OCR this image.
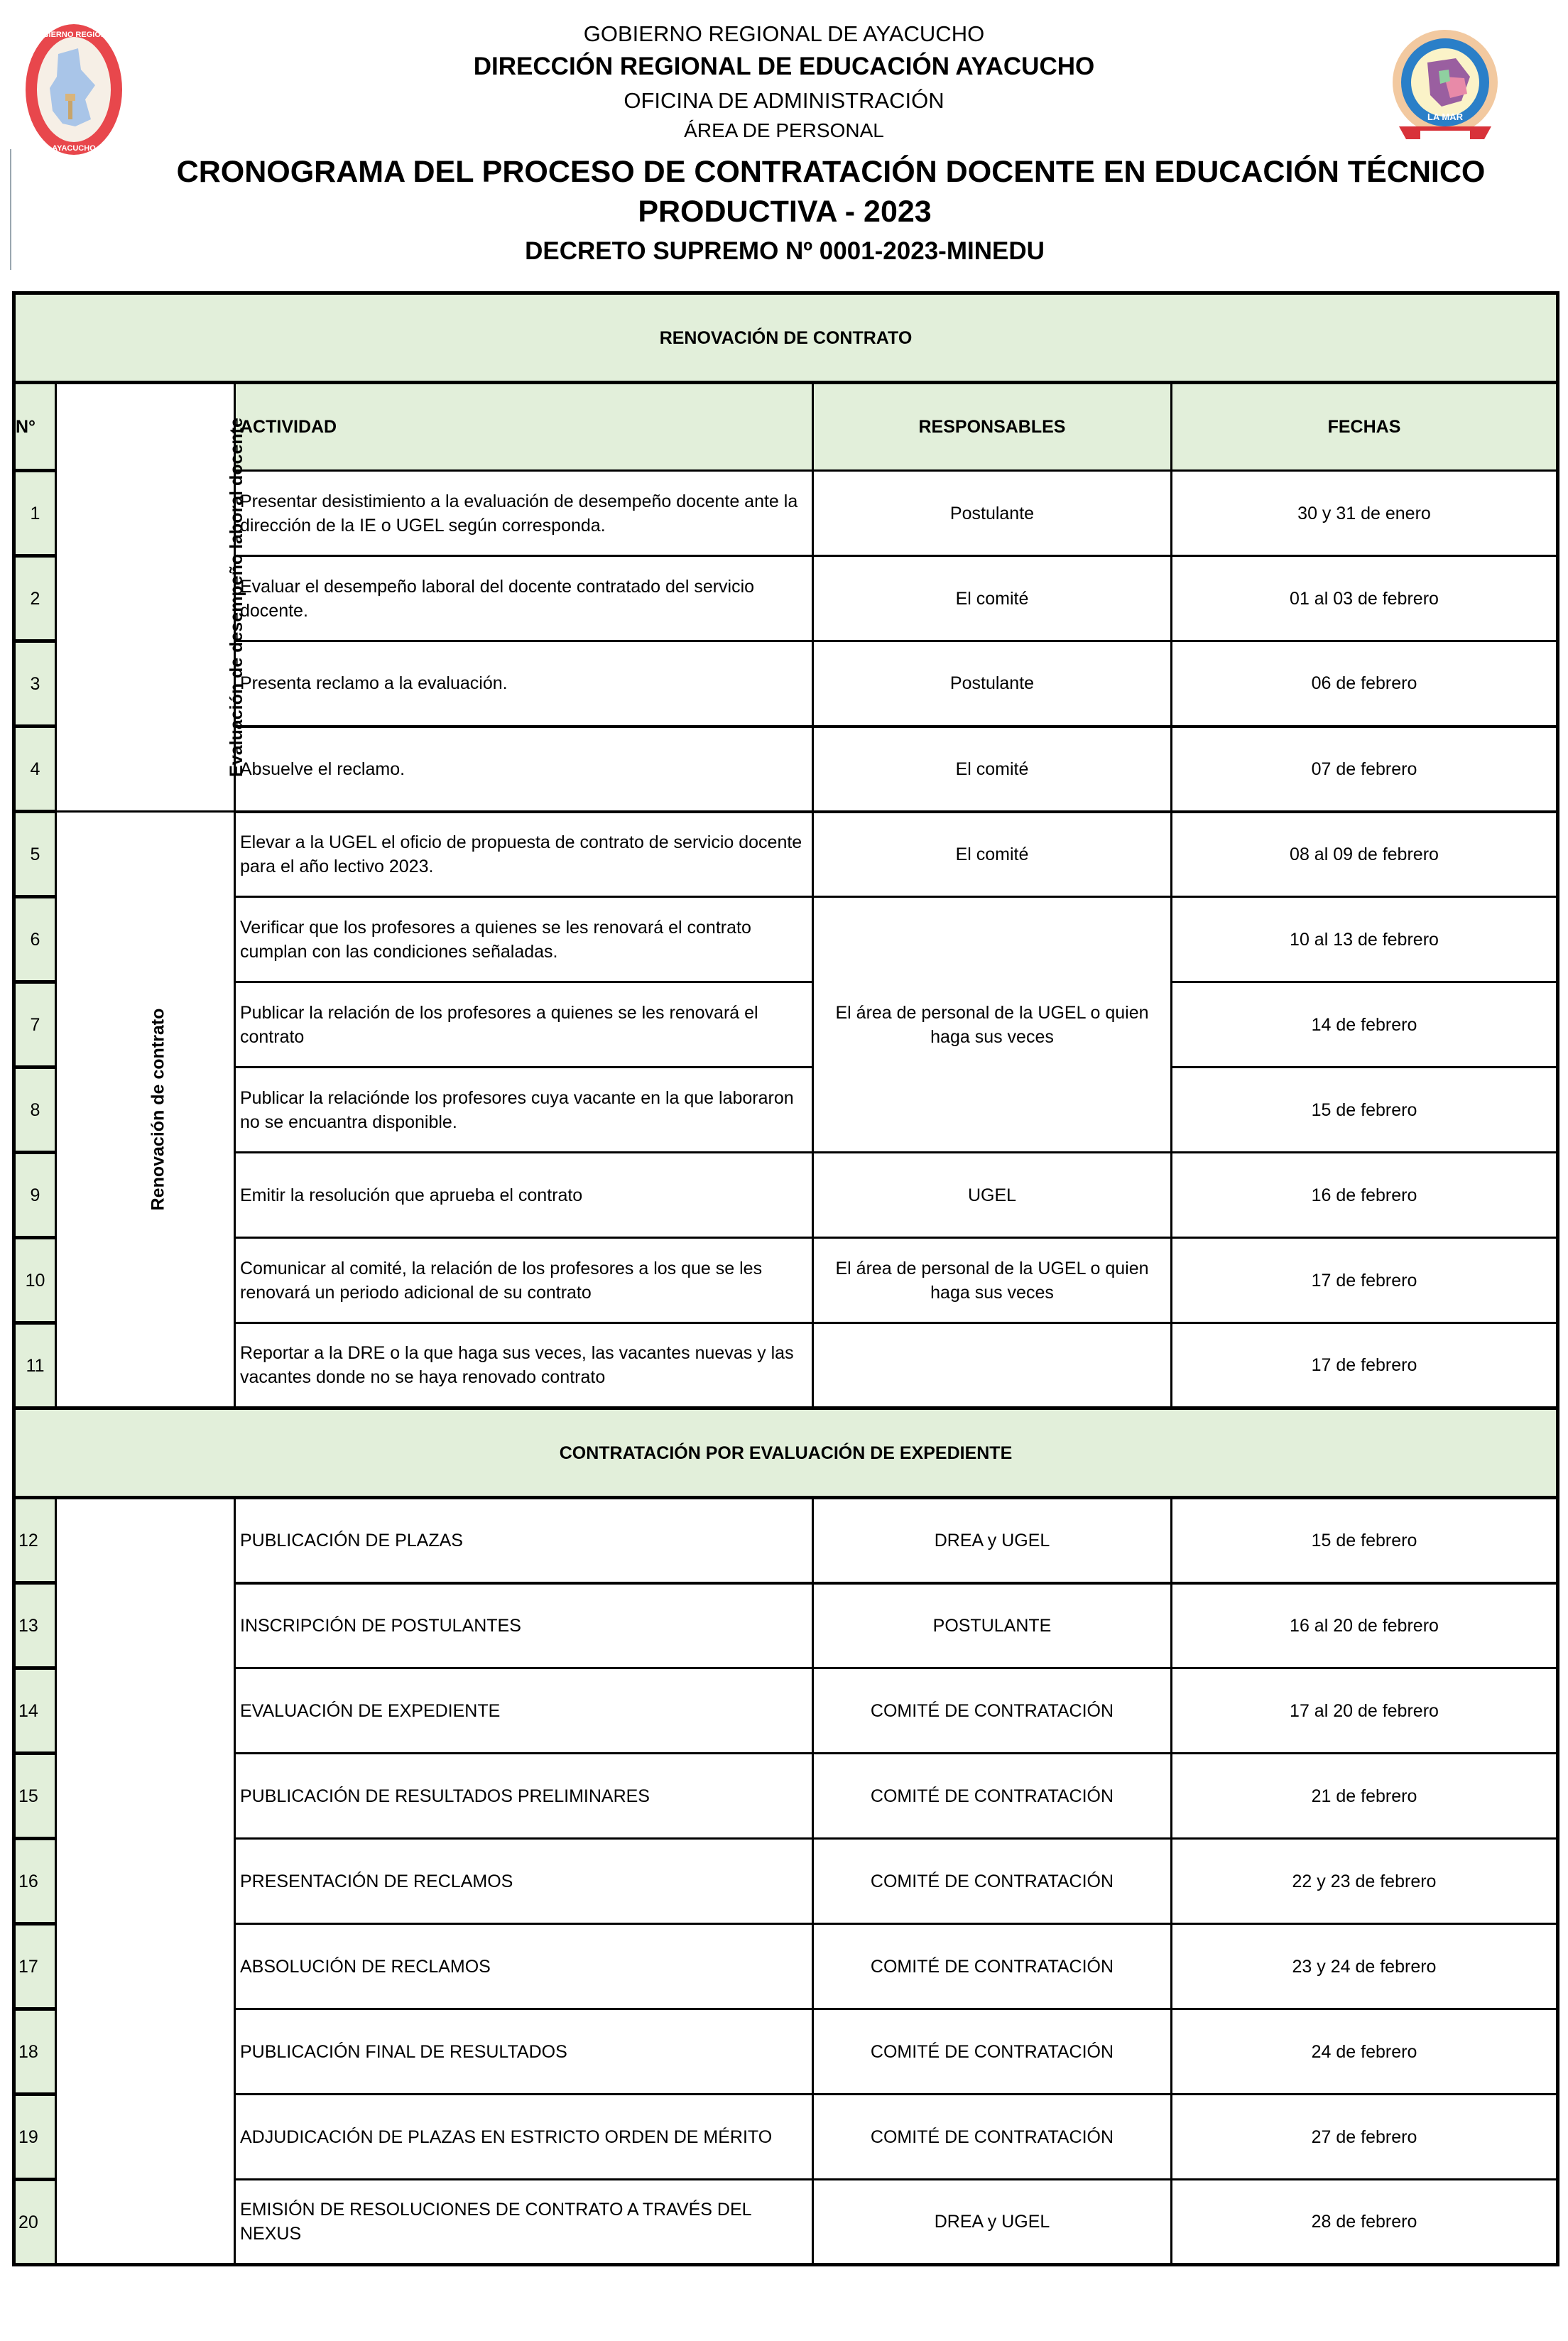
GOBIERNO REGIONAL
AYACUCHO
LA MAR
GOBIERNO REGIONAL DE AYACUCHO
DIRECCIÓN REGIONAL DE EDUCACIÓN AYACUCHO
OFICINA DE ADMINISTRACIÓN
ÁREA DE PERSONAL
CRONOGRAMA DEL PROCESO DE CONTRATACIÓN DOCENTE EN EDUCACIÓN TÉCNICO
PRODUCTIVA - 2023
DECRETO SUPREMO Nº 0001-2023-MINEDU
RENOVACIÓN DE CONTRATO				
N°	Evaluación de desempeño laboral docente	ACTIVIDAD	RESPONSABLES	FECHAS
1		Presentar desistimiento a la evaluación de desempeño docente ante la dirección de la IE o UGEL según corresponda.	Postulante	30 y 31 de enero
2		Evaluar el desempeño laboral del docente contratado del servicio docente.	El comité	01 al 03 de febrero
3		Presenta reclamo a la evaluación.	Postulante	06 de febrero
4		Absuelve el reclamo.	El comité	07 de febrero
5	Renovación de contrato	Elevar a la UGEL el oficio de propuesta de contrato de servicio docente para el año lectivo 2023.	El comité	08 al 09 de febrero
6		Verificar que los profesores a quienes se les renovará el contrato cumplan con las condiciones señaladas.	El área de personal de la UGEL o quien haga sus veces	10 al 13 de febrero
7		Publicar la relación de los profesores a quienes se les renovará el contrato		14 de febrero
8		Publicar la relaciónde los profesores cuya vacante en la que laboraron no se encuantra disponible.		15 de febrero
9		Emitir la resolución que aprueba el contrato	UGEL	16 de febrero
10		Comunicar al comité, la relación de los profesores a los que se les renovará un periodo adicional de su contrato	El área de personal de la UGEL o quien haga sus veces	17 de febrero
11		Reportar a la DRE o la que haga sus veces, las vacantes nuevas y las vacantes donde no se haya renovado contrato		17 de febrero
CONTRATACIÓN POR EVALUACIÓN DE EXPEDIENTE				
12		PUBLICACIÓN DE PLAZAS	DREA y UGEL	15 de febrero
13		INSCRIPCIÓN DE POSTULANTES	POSTULANTE	16 al 20 de febrero
14		EVALUACIÓN DE EXPEDIENTE	COMITÉ DE CONTRATACIÓN	17 al 20 de febrero
15		PUBLICACIÓN DE RESULTADOS PRELIMINARES	COMITÉ DE CONTRATACIÓN	21 de febrero
16		PRESENTACIÓN DE RECLAMOS	COMITÉ DE CONTRATACIÓN	22 y 23 de febrero
17		ABSOLUCIÓN DE RECLAMOS	COMITÉ DE CONTRATACIÓN	23 y 24 de febrero
18		PUBLICACIÓN FINAL DE RESULTADOS	COMITÉ DE CONTRATACIÓN	24 de febrero
19		ADJUDICACIÓN DE PLAZAS EN ESTRICTO ORDEN DE MÉRITO	COMITÉ DE CONTRATACIÓN	27 de febrero
20		EMISIÓN DE RESOLUCIONES DE CONTRATO A TRAVÉS DEL NEXUS	DREA y UGEL	28 de febrero
